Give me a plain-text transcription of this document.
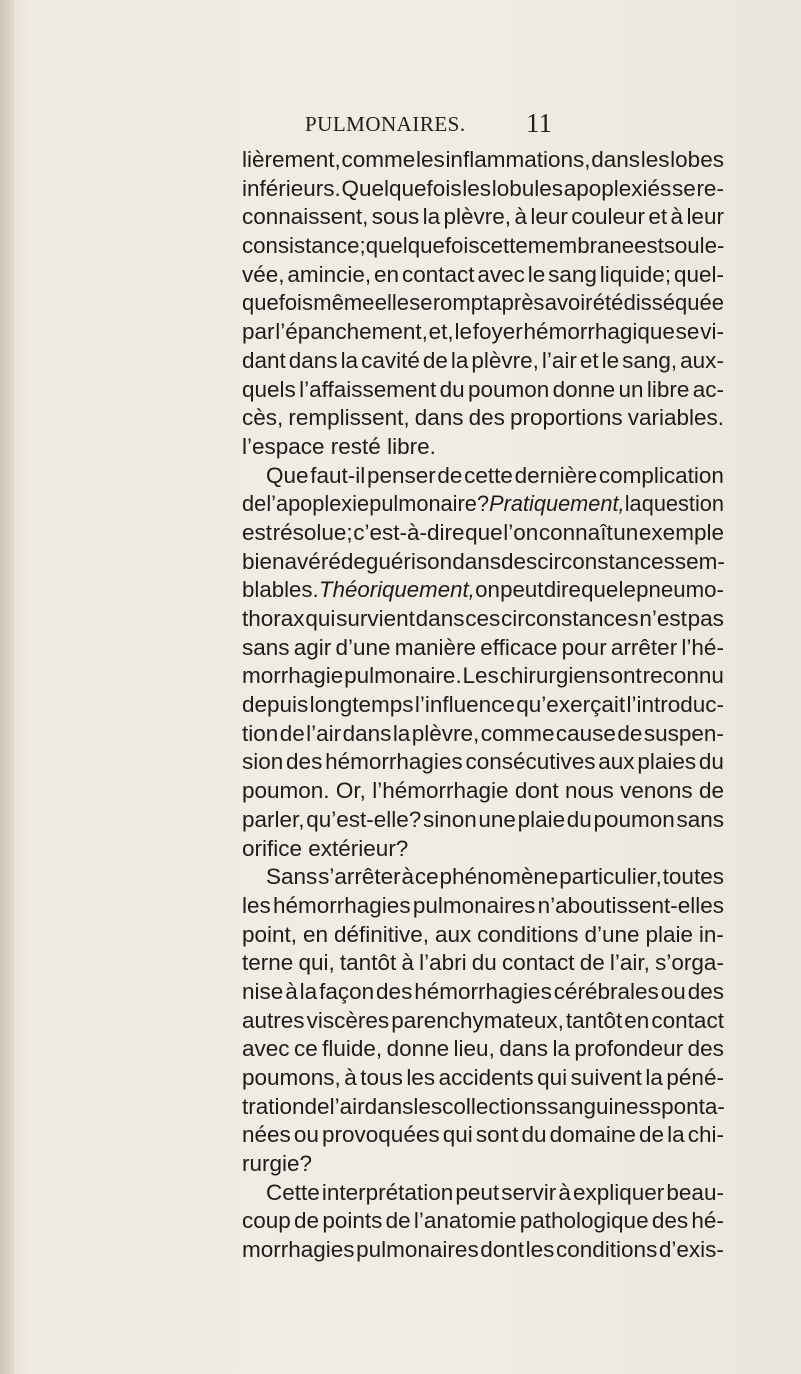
PULMONAIRES. 11
lièrement, comme les inflammations, dans les lobes
inférieurs. Quelquefois les lobules apoplexiés se re-
connaissent, sous la plèvre, à leur couleur et à leur
consistance; quelquefois cette membrane est soule-
vée, amincie, en contact avec le sang liquide; quel-
quefois même elle se rompt après avoir été disséquée
par l’épanchement, et, le foyer hémorrhagique se vi-
dant dans la cavité de la plèvre, l’air et le sang, aux-
quels l’affaissement du poumon donne un libre ac-
cès, remplissent, dans des proportions variables.
l’espace resté libre.
Que faut-il penser de cette dernière complication
de l’apoplexie pulmonaire ? Pratiquement, la question
est résolue; c’est-à-dire que l’on connaît un exemple
bien avéré de guérison dans des circonstances sem-
blables. Théoriquement, on peut dire que le pneumo-
thorax qui survient dans ces circonstances n’est pas
sans agir d’une manière efficace pour arrêter l’hé-
morrhagie pulmonaire. Les chirurgiens ont reconnu
depuis longtemps l’influence qu’exerçait l’introduc-
tion de l’air dans la plèvre, comme cause de suspen-
sion des hémorrhagies consécutives aux plaies du
poumon. Or, l’hémorrhagie dont nous venons de
parler, qu’est-elle? sinon une plaie du poumon sans
orifice extérieur?
Sans s’arrêter à ce phénomène particulier, toutes
les hémorrhagies pulmonaires n’aboutissent-elles
point, en définitive, aux conditions d’une plaie in-
terne qui, tantôt à l’abri du contact de l’air, s’orga-
nise à la façon des hémorrhagies cérébrales ou des
autres viscères parenchymateux, tantôt en contact
avec ce fluide, donne lieu, dans la profondeur des
poumons, à tous les accidents qui suivent la péné-
tration de l’air dans les collections sanguines sponta-
nées ou provoquées qui sont du domaine de la chi-
rurgie?
Cette interprétation peut servir à expliquer beau-
coup de points de l’anatomie pathologique des hé-
morrhagies pulmonaires dont les conditions d’exis-
